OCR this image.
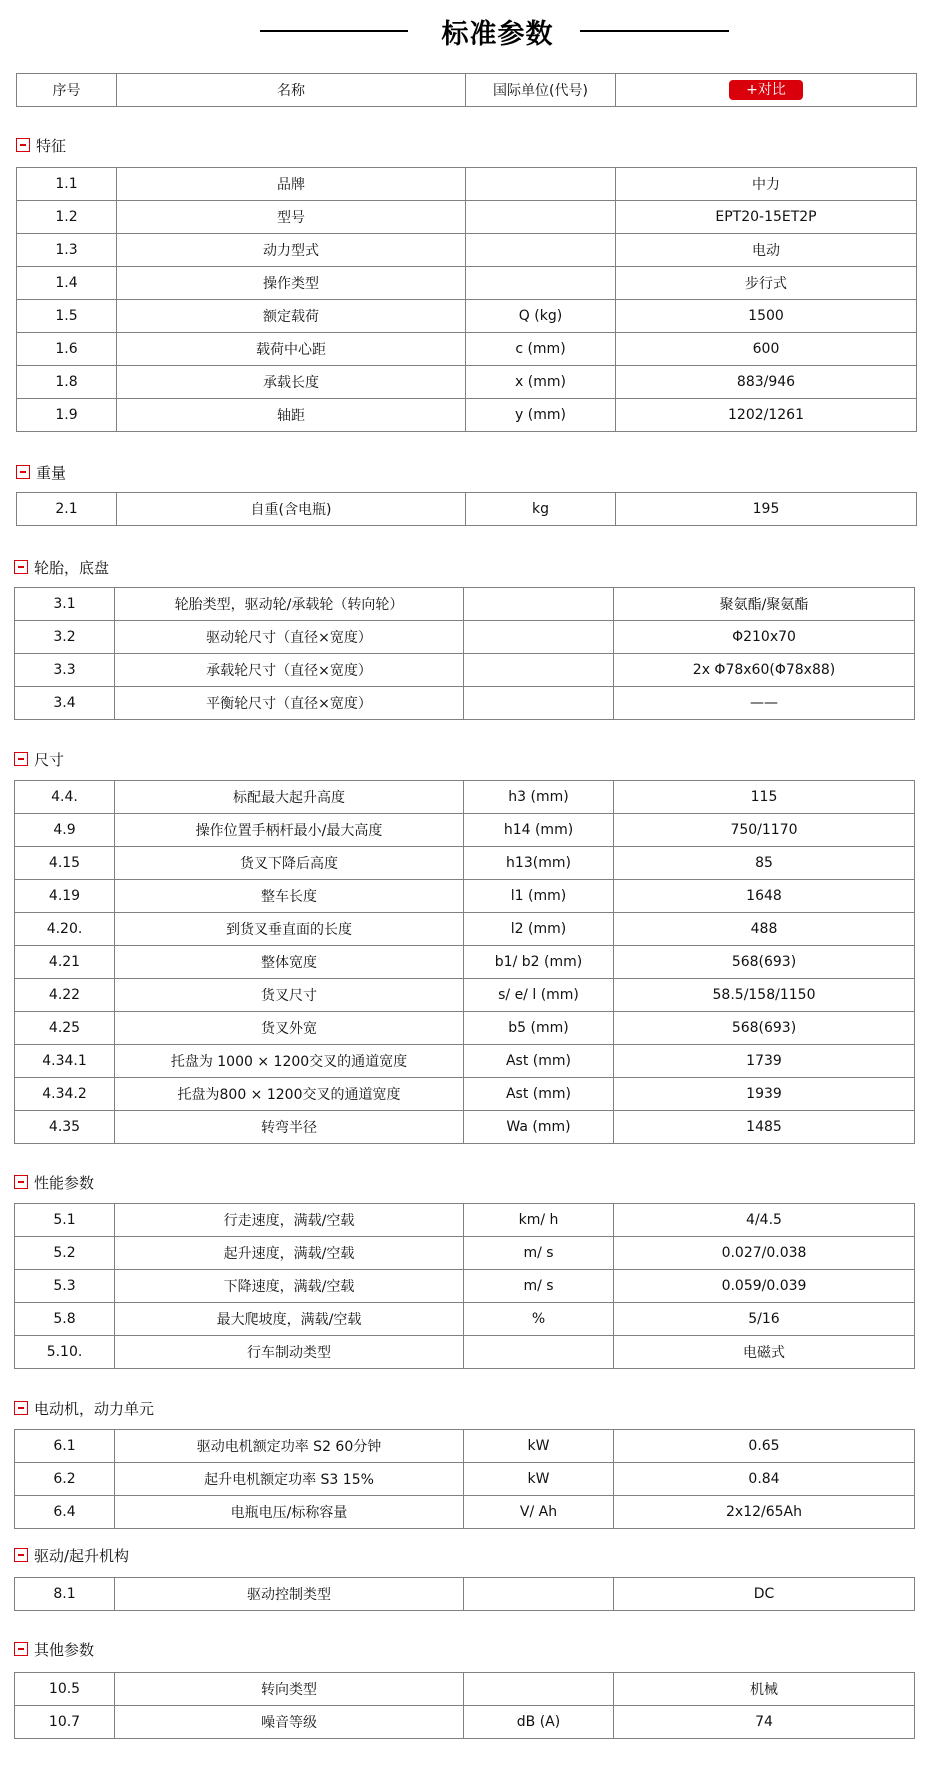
标准参数
序号	名称	国际单位(代号)	+对比
特征
1.1	品牌		中力
1.2	型号		EPT20-15ET2P
1.3	动力型式		电动
1.4	操作类型		步行式
1.5	额定载荷	Q (kg)	1500
1.6	载荷中心距	c (mm)	600
1.8	承载长度	x (mm)	883/946
1.9	轴距	y (mm)	1202/1261
重量
2.1	自重(含电瓶)	kg	195
轮胎，底盘
3.1	轮胎类型，驱动轮/承载轮（转向轮）		聚氨酯/聚氨酯
3.2	驱动轮尺寸（直径×宽度）		Φ210x70
3.3	承载轮尺寸（直径×宽度）		2x Φ78x60(Φ78x88)
3.4	平衡轮尺寸（直径×宽度）		——
尺寸
4.4.	标配最大起升高度	h3 (mm)	115
4.9	操作位置手柄杆最小/最大高度	h14 (mm)	750/1170
4.15	货叉下降后高度	h13(mm)	85
4.19	整车长度	l1 (mm)	1648
4.20.	到货叉垂直面的长度	l2 (mm)	488
4.21	整体宽度	b1/ b2 (mm)	568(693)
4.22	货叉尺寸	s/ e/ l (mm)	58.5/158/1150
4.25	货叉外宽	b5 (mm)	568(693)
4.34.1	托盘为 1000 × 1200交叉的通道宽度	Ast (mm)	1739
4.34.2	托盘为800 × 1200交叉的通道宽度	Ast (mm)	1939
4.35	转弯半径	Wa (mm)	1485
性能参数
5.1	行走速度，满载/空载	km/ h	4/4.5
5.2	起升速度，满载/空载	m/ s	0.027/0.038
5.3	下降速度，满载/空载	m/ s	0.059/0.039
5.8	最大爬坡度，满载/空载	%	5/16
5.10.	行车制动类型		电磁式
电动机，动力单元
6.1	驱动电机额定功率 S2 60分钟	kW	0.65
6.2	起升电机额定功率 S3 15%	kW	0.84
6.4	电瓶电压/标称容量	V/ Ah	2x12/65Ah
驱动/起升机构
8.1	驱动控制类型		DC
其他参数
10.5	转向类型		机械
10.7	噪音等级	dB (A)	74
